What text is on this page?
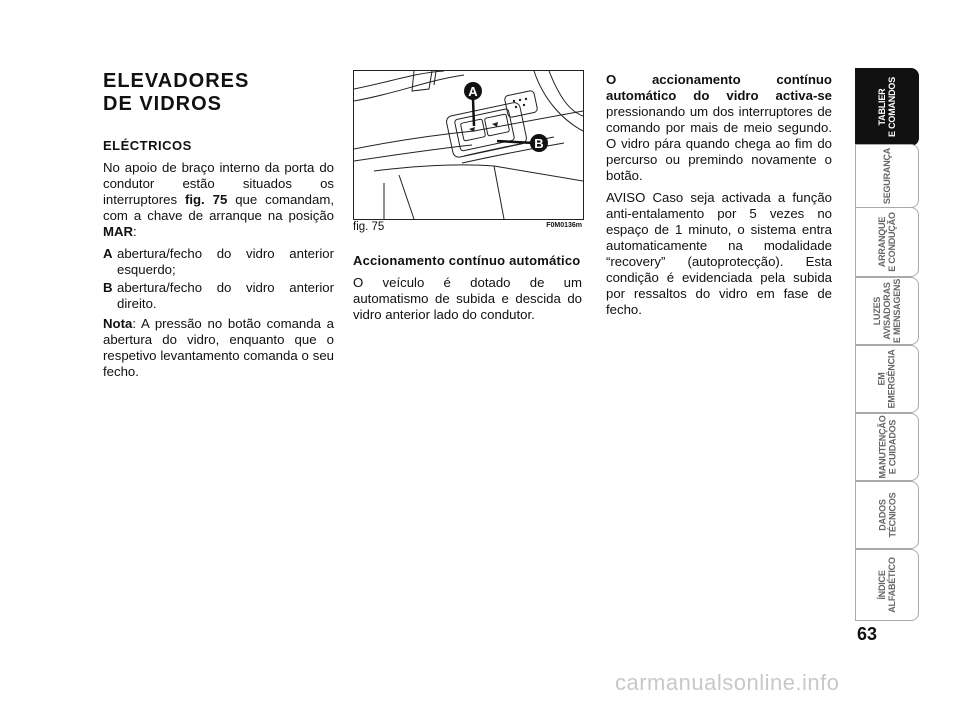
ELEVADORES
DE VIDROS

ELÉCTRICOS

No apoio de braço interno da porta do condutor estão situados os interruptores fig. 75 que comandam, com a chave de arranque na posição MAR:

A abertura/fecho do vidro anterior esquerdo;
B abertura/fecho do vidro anterior direito.

Nota: A pressão no botão comanda a abertura do vidro, enquanto que o respetivo levantamento comanda o seu fecho.

A
B
fig. 75	F0M0136m

Accionamento contínuo automático

O veículo é dotado de um automatismo de subida e descida do vidro anterior lado do condutor.

O accionamento contínuo automático do vidro activa-se pressionando um dos interruptores de comando por mais de meio segundo. O vidro pára quando chega ao fim do percurso ou premindo novamente o botão.

AVISO Caso seja activada a função anti-entalamento por 5 vezes no espaço de 1 minuto, o sistema entra automaticamente na modalidade “recovery” (autoprotecção). Esta condição é evidenciada pela subida por ressaltos do vidro em fase de fecho.

TABLIER
E COMANDOS
SEGURANÇA
ARRANQUE
E CONDUÇÃO
LUZES
AVISADORAS
E MENSAGENS
EM
EMERGÊNCIA
MANUTENÇÃO
E CUIDADOS
DADOS
TÉCNICOS
ÍNDICE
ALFABÉTICO
63
carmanualsonline.info
